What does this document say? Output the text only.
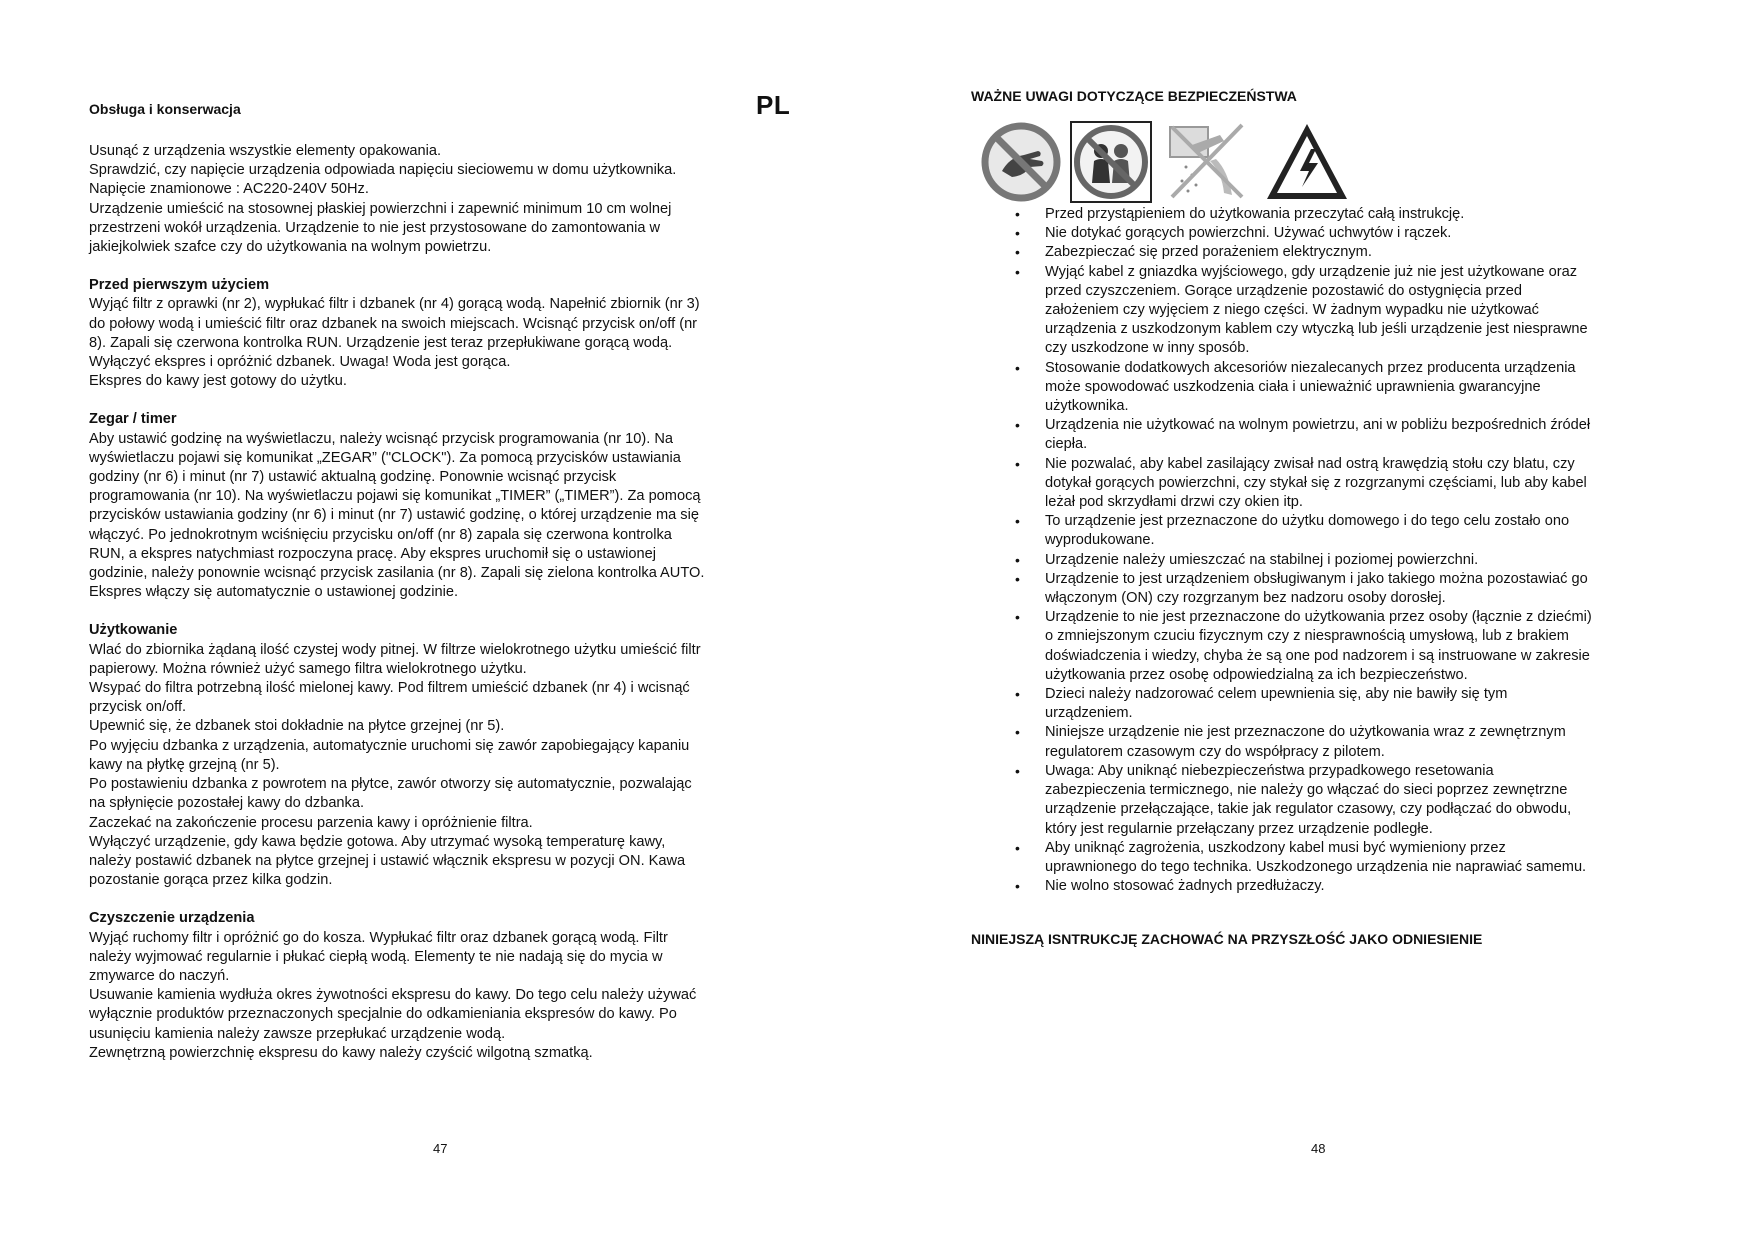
PL
Obsługa i konserwacja

Usunąć z urządzenia wszystkie elementy opakowania.

Sprawdzić, czy napięcie urządzenia odpowiada napięciu sieciowemu w domu użytkownika.

Napięcie znamionowe : AC220-240V 50Hz.

Urządzenie umieścić na stosownej płaskiej powierzchni i zapewnić minimum 10 cm wolnej

przestrzeni wokół urządzenia. Urządzenie to nie jest przystosowane do zamontowania w

jakiejkolwiek szafce czy do użytkowania na wolnym powietrzu.

Przed pierwszym użyciem

Wyjąć filtr z oprawki (nr 2), wypłukać filtr i dzbanek (nr 4) gorącą wodą. Napełnić zbiornik (nr 3)

do połowy wodą i umieścić filtr oraz dzbanek na swoich miejscach. Wcisnąć przycisk on/off (nr

8). Zapali się czerwona kontrolka RUN. Urządzenie jest teraz przepłukiwane gorącą wodą.

Wyłączyć ekspres i opróżnić dzbanek. Uwaga! Woda jest gorąca.

Ekspres do kawy jest gotowy do użytku.

Zegar / timer

Aby ustawić godzinę na wyświetlaczu, należy wcisnąć przycisk programowania (nr 10). Na

wyświetlaczu pojawi się komunikat „ZEGAR” ("CLOCK"). Za pomocą przycisków ustawiania

godziny (nr 6) i minut (nr 7) ustawić aktualną godzinę. Ponownie wcisnąć przycisk

programowania (nr 10). Na wyświetlaczu pojawi się komunikat „TIMER” („TIMER”). Za pomocą

przycisków ustawiania godziny (nr 6) i minut (nr 7) ustawić godzinę, o której urządzenie ma się

włączyć. Po jednokrotnym wciśnięciu przycisku on/off (nr 8) zapala się czerwona kontrolka

RUN, a ekspres natychmiast rozpoczyna pracę. Aby ekspres uruchomił się o ustawionej

godzinie, należy ponownie wcisnąć przycisk zasilania (nr 8). Zapali się zielona kontrolka AUTO.

Ekspres włączy się automatycznie o ustawionej godzinie.

Użytkowanie

Wlać do zbiornika żądaną ilość czystej wody pitnej. W filtrze wielokrotnego użytku umieścić filtr

papierowy. Można również użyć samego filtra wielokrotnego użytku.

Wsypać do filtra potrzebną ilość mielonej kawy. Pod filtrem umieścić dzbanek (nr 4) i wcisnąć

przycisk on/off.

Upewnić się, że dzbanek stoi dokładnie na płytce grzejnej (nr 5).

Po wyjęciu dzbanka z urządzenia, automatycznie uruchomi się zawór zapobiegający kapaniu

kawy na płytkę grzejną (nr 5).

Po postawieniu dzbanka z powrotem na płytce, zawór otworzy się automatycznie, pozwalając

na spłynięcie pozostałej kawy do dzbanka.

Zaczekać na zakończenie procesu parzenia kawy i opróżnienie filtra.

Wyłączyć urządzenie, gdy kawa będzie gotowa. Aby utrzymać wysoką temperaturę kawy,

należy postawić dzbanek na płytce grzejnej i ustawić włącznik ekspresu w pozycji ON. Kawa

pozostanie gorąca przez kilka godzin.

Czyszczenie urządzenia

Wyjąć ruchomy filtr i opróżnić go do kosza. Wypłukać filtr oraz dzbanek gorącą wodą. Filtr

należy wyjmować regularnie i płukać ciepłą wodą. Elementy te nie nadają się do mycia w

zmywarce do naczyń.

Usuwanie kamienia wydłuża okres żywotności ekspresu do kawy. Do tego celu należy używać

wyłącznie produktów przeznaczonych specjalnie do odkamieniania ekspresów do kawy. Po

usunięciu kamienia należy zawsze przepłukać urządzenie wodą.

Zewnętrzną powierzchnię ekspresu do kawy należy czyścić wilgotną szmatką.

47
WAŻNE UWAGI DOTYCZĄCE BEZPIECZEŃSTWA
• Przed przystąpieniem do użytkowania przeczytać całą instrukcję.
• Nie dotykać gorących powierzchni. Używać uchwytów i rączek.
• Zabezpieczać się przed porażeniem elektrycznym.
• Wyjąć kabel z gniazdka wyjściowego, gdy urządzenie już nie jest użytkowane oraz
przed czyszczeniem. Gorące urządzenie pozostawić do ostygnięcia przed
założeniem czy wyjęciem z niego części. W żadnym wypadku nie użytkować
urządzenia z uszkodzonym kablem czy wtyczką lub jeśli urządzenie jest niesprawne
czy uszkodzone w inny sposób.
• Stosowanie dodatkowych akcesoriów niezalecanych przez producenta urządzenia
może spowodować uszkodzenia ciała i unieważnić uprawnienia gwarancyjne
użytkownika.
• Urządzenia nie użytkować na wolnym powietrzu, ani w pobliżu bezpośrednich źródeł
ciepła.
• Nie pozwalać, aby kabel zasilający zwisał nad ostrą krawędzią stołu czy blatu, czy
dotykał gorących powierzchni, czy stykał się z rozgrzanymi częściami, lub aby kabel
leżał pod skrzydłami drzwi czy okien itp.
• To urządzenie jest przeznaczone do użytku domowego i do tego celu zostało ono
wyprodukowane.
• Urządzenie należy umieszczać na stabilnej i poziomej powierzchni.
• Urządzenie to jest urządzeniem obsługiwanym i jako takiego można pozostawiać go
włączonym (ON) czy rozgrzanym bez nadzoru osoby dorosłej.
• Urządzenie to nie jest przeznaczone do użytkowania przez osoby (łącznie z dziećmi)
o zmniejszonym czuciu fizycznym czy z niesprawnością umysłową, lub z brakiem
doświadczenia i wiedzy, chyba że są one pod nadzorem i są instruowane w zakresie
użytkowania przez osobę odpowiedzialną za ich bezpieczeństwo.
• Dzieci należy nadzorować celem upewnienia się, aby nie bawiły się tym
urządzeniem.
• Niniejsze urządzenie nie jest przeznaczone do użytkowania wraz z zewnętrznym
regulatorem czasowym czy do współpracy z pilotem.
• Uwaga: Aby uniknąć niebezpieczeństwa przypadkowego resetowania
zabezpieczenia termicznego, nie należy go włączać do sieci poprzez zewnętrzne
urządzenie przełączające, takie jak regulator czasowy, czy podłączać do obwodu,
który jest regularnie przełączany przez urządzenie podległe.
• Aby uniknąć zagrożenia, uszkodzony kabel musi być wymieniony przez
uprawnionego do tego technika. Uszkodzonego urządzenia nie naprawiać samemu.
• Nie wolno stosować żadnych przedłużaczy.
NINIEJSZĄ ISNTRUKCJĘ ZACHOWAĆ NA PRZYSZŁOŚĆ JAKO ODNIESIENIE
48
